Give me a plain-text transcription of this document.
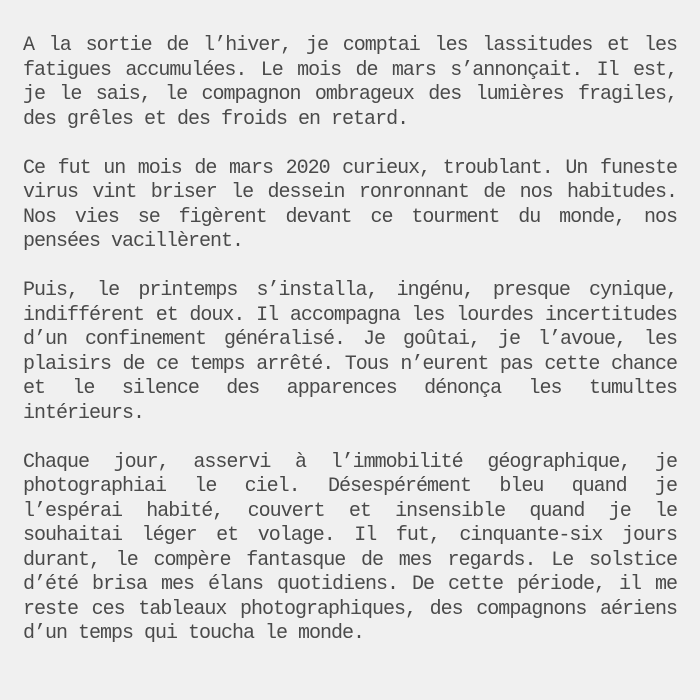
A la sortie de l’hiver, je comptai les lassitudes et les fatigues accumulées. Le mois de mars s’annonçait. Il est, je le sais, le compagnon ombrageux des lumières fragiles, des grêles et des froids en retard.

Ce fut un mois de mars 2020 curieux, troublant. Un funeste virus vint briser le dessein ronronnant de nos habitudes. Nos vies se figèrent devant ce tourment du monde, nos pensées vacillèrent.

Puis, le printemps s’installa, ingénu, presque cynique, indifférent et doux. Il accompagna les lourdes incertitudes d’un confinement généralisé. Je goûtai, je l’avoue, les plaisirs de ce temps arrêté. Tous n’eurent pas cette chance et le silence des apparences dénonça les tumultes intérieurs.

Chaque jour, asservi à l’immobilité géographique, je photographiai le ciel. Désespérément bleu quand je l’espérai habité, couvert et insensible quand je le souhaitai léger et volage. Il fut, cinquante-six jours durant, le compère fantasque de mes regards. Le solstice d’été brisa mes élans quotidiens. De cette période, il me reste ces tableaux photographiques, des compagnons aériens d’un temps qui toucha le monde.
